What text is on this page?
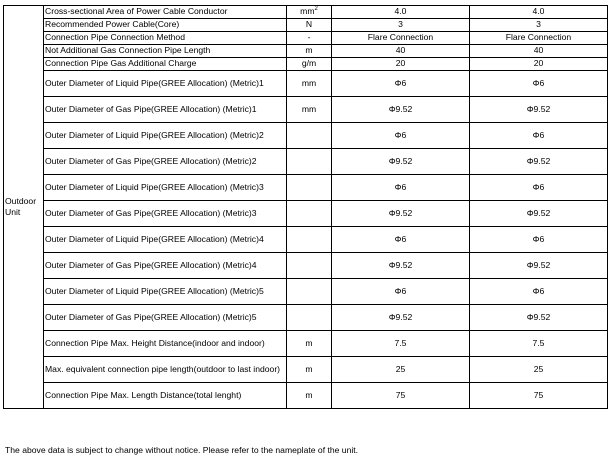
Outdoor Unit	Cross-sectional Area of Power Cable Conductor	$mm^2$	4.0	4.0
	Recommended Power Cable(Core)	N	3	3
	Connection Pipe Connection Method	-	Flare Connection	Flare Connection
	Not Additional Gas Connection Pipe Length	m	40	40
	Connection Pipe Gas Additional Charge	g/m	20	20
	Outer Diameter of Liquid Pipe(GREE Allocation) (Metric)1	mm	Φ6	Φ6
	Outer Diameter of Gas Pipe(GREE Allocation) (Metric)1	mm	Φ9.52	Φ9.52
	Outer Diameter of Liquid Pipe(GREE Allocation) (Metric)2		Φ6	Φ6
	Outer Diameter of Gas Pipe(GREE Allocation) (Metric)2		Φ9.52	Φ9.52
	Outer Diameter of Liquid Pipe(GREE Allocation) (Metric)3		Φ6	Φ6
	Outer Diameter of Gas Pipe(GREE Allocation) (Metric)3		Φ9.52	Φ9.52
	Outer Diameter of Liquid Pipe(GREE Allocation) (Metric)4		Φ6	Φ6
	Outer Diameter of Gas Pipe(GREE Allocation) (Metric)4		Φ9.52	Φ9.52
	Outer Diameter of Liquid Pipe(GREE Allocation) (Metric)5		Φ6	Φ6
	Outer Diameter of Gas Pipe(GREE Allocation) (Metric)5		Φ9.52	Φ9.52
	Connection Pipe Max. Height Distance(indoor and indoor)	m	7.5	7.5
	Max. equivalent connection pipe length(outdoor to last indoor)	m	25	25
	Connection Pipe Max. Length Distance(total lenght)	m	75	75
The above data is subject to change without notice. Please refer to the nameplate of the unit.
